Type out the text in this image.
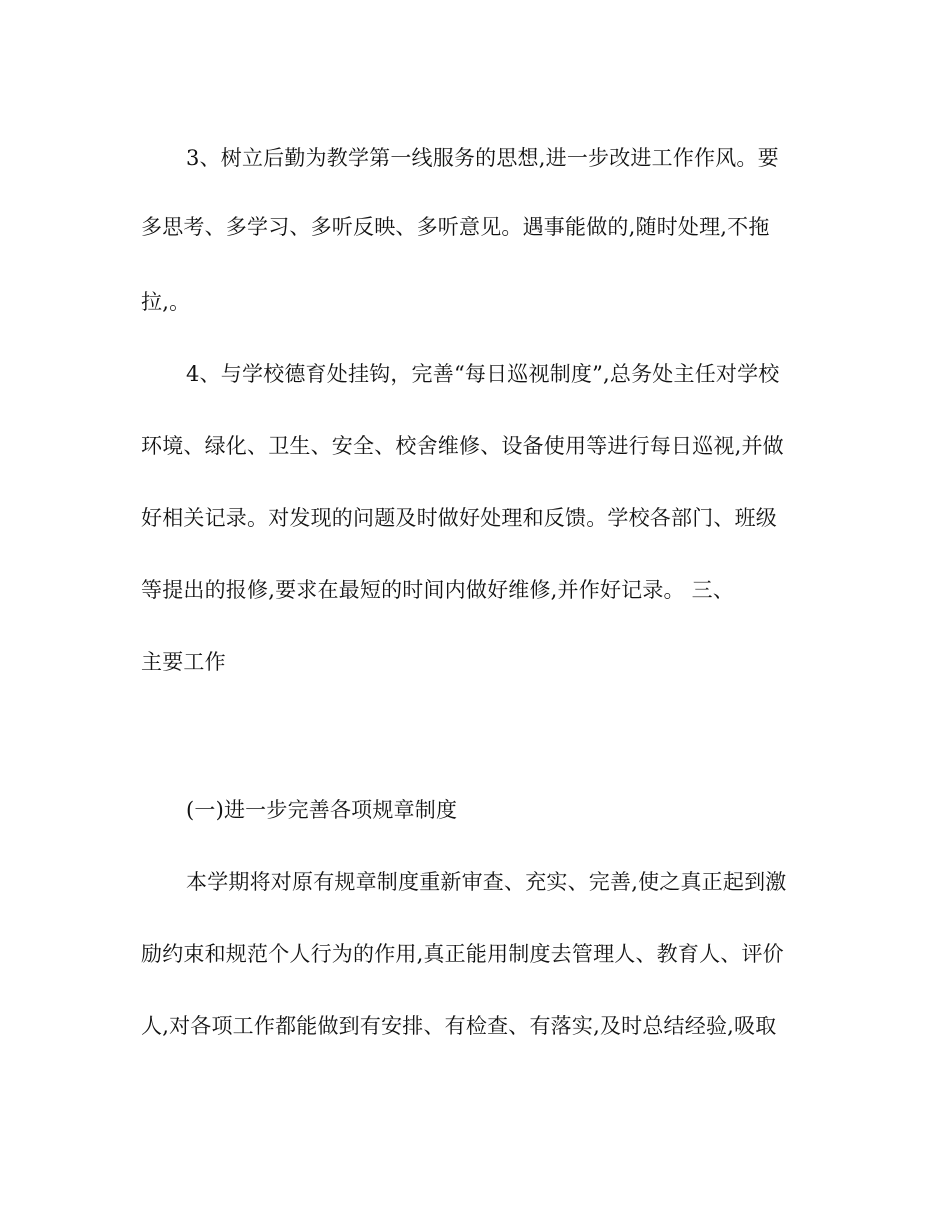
3、树立后勤为教学第一线服务的思想,进一步改进工作作风。要
多思考、多学习、多听反映、多听意见。遇事能做的,随时处理,不拖
拉,。
4、与学校德育处挂钩，完善“每日巡视制度”,总务处主任对学校
环境、绿化、卫生、安全、校舍维修、设备使用等进行每日巡视,并做
好相关记录。对发现的问题及时做好处理和反馈。学校各部门、班级
等提出的报修,要求在最短的时间内做好维修,并作好记录。 三、
主要工作
(一)进一步完善各项规章制度
本学期将对原有规章制度重新审查、充实、完善,使之真正起到激
励约束和规范个人行为的作用,真正能用制度去管理人、教育人、评价
人,对各项工作都能做到有安排、有检查、有落实,及时总结经验,吸取
